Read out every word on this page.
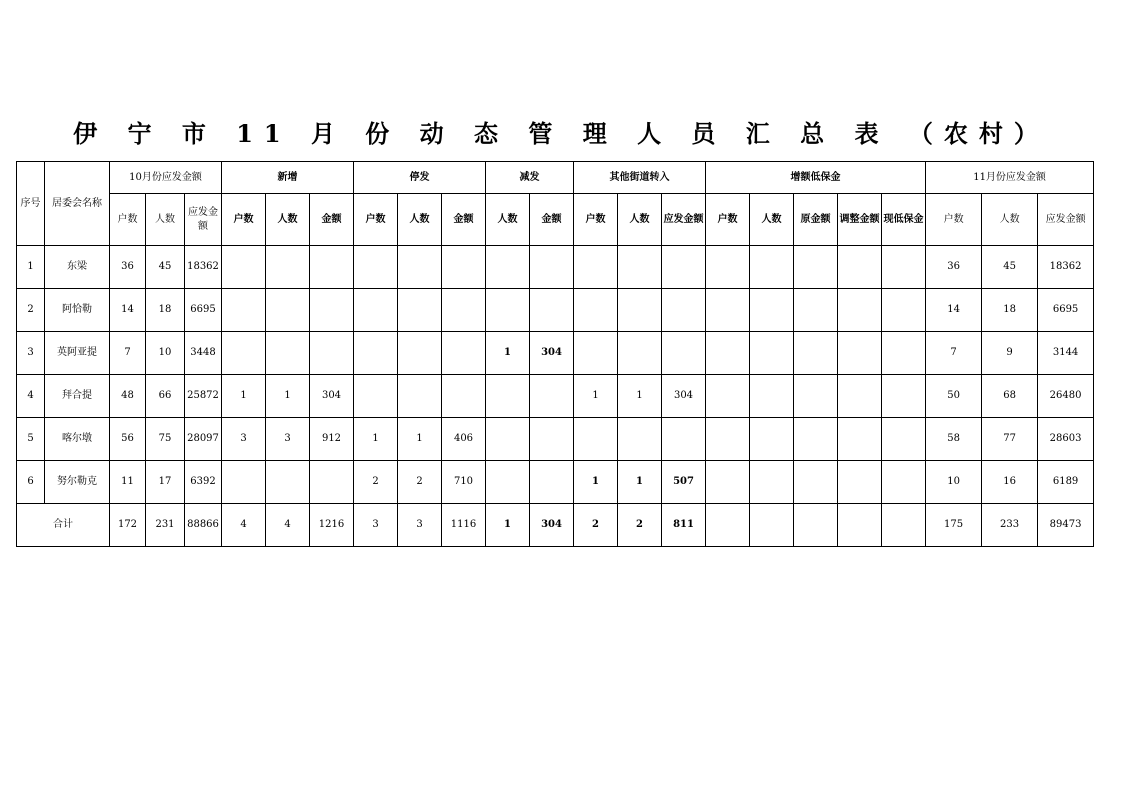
伊 宁 市 11 月 份 动 态 管 理 人 员 汇 总 表 （农村）
序号	居委会名称	10月份应发金额			新增			停发			减发		其他街道转入			增额低保金					11月份应发金额		
		户数	人数	应发金额	户数	人数	金额	户数	人数	金额	人数	金额	户数	人数	应发金额	户数	人数	原金额	调整金额	现低保金	户数	人数	应发金额
1	东梁	36	45	18362																	36	45	18362
2	阿恰勒	14	18	6695																	14	18	6695
3	英阿亚提	7	10	3448							1	304									7	9	3144
4	拜合提	48	66	25872	1	1	304						1	1	304						50	68	26480
5	喀尔墩	56	75	28097	3	3	912	1	1	406											58	77	28603
6	努尔勒克	11	17	6392				2	2	710			1	1	507						10	16	6189
合计		172	231	88866	4	4	1216	3	3	1116	1	304	2	2	811						175	233	89473
